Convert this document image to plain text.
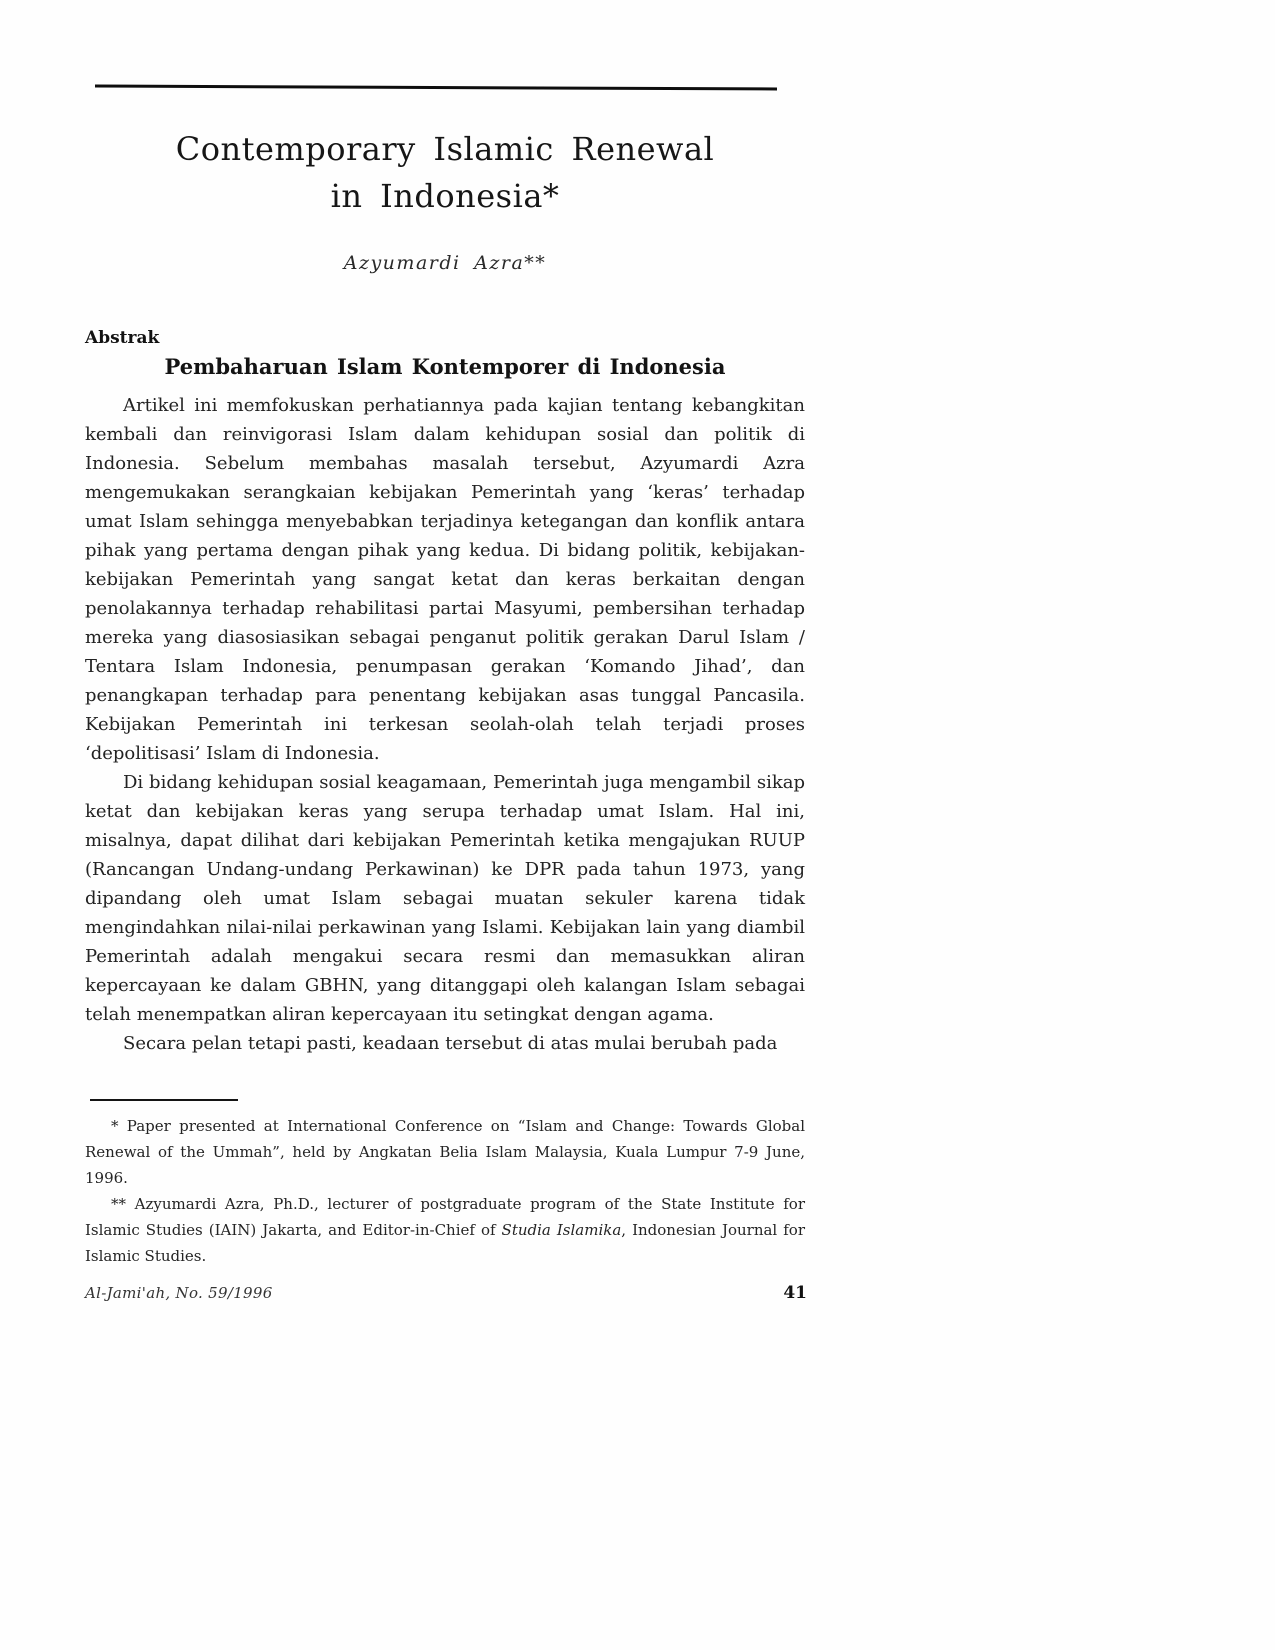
Contemporary Islamic Renewal
in Indonesia*
Azyumardi Azra**
Abstrak
Pembaharuan Islam Kontemporer di Indonesia

Artikel ini memfokuskan perhatiannya pada kajian tentang kebangkitan kembali dan reinvigorasi Islam dalam kehidupan sosial dan politik di Indonesia. Sebelum membahas masalah tersebut, Azyumardi Azra mengemukakan serangkaian kebijakan Pemerintah yang ‘keras’ terhadap umat Islam sehingga menyebabkan terjadinya ketegangan dan konflik antara pihak yang pertama dengan pihak yang kedua. Di bidang politik, kebijakan-kebijakan Pemerintah yang sangat ketat dan keras berkaitan dengan penolakannya terhadap rehabilitasi partai Masyumi, pembersihan terhadap mereka yang diasosiasikan sebagai penganut politik gerakan Darul Islam / Tentara Islam Indonesia, penumpasan gerakan ‘Komando Jihad’, dan penangkapan terhadap para penentang kebijakan asas tunggal Pancasila. Kebijakan Pemerintah ini terkesan seolah-olah telah terjadi proses ‘depolitisasi’ Islam di Indonesia.

Di bidang kehidupan sosial keagamaan, Pemerintah juga mengambil sikap ketat dan kebijakan keras yang serupa terhadap umat Islam. Hal ini, misalnya, dapat dilihat dari kebijakan Pemerintah ketika mengajukan RUUP (Rancangan Undang-undang Perkawinan) ke DPR pada tahun 1973, yang dipandang oleh umat Islam sebagai muatan sekuler karena tidak mengindahkan nilai-nilai perkawinan yang Islami. Kebijakan lain yang diambil Pemerintah adalah mengakui secara resmi dan memasukkan aliran kepercayaan ke dalam GBHN, yang ditanggapi oleh kalangan Islam sebagai telah menempatkan aliran kepercayaan itu setingkat dengan agama.

Secara pelan tetapi pasti, keadaan tersebut di atas mulai berubah pada

* Paper presented at International Conference on “Islam and Change: Towards Global Renewal of the Ummah”, held by Angkatan Belia Islam Malaysia, Kuala Lumpur 7-9 June, 1996.

** Azyumardi Azra, Ph.D., lecturer of postgraduate program of the State Institute for Islamic Studies (IAIN) Jakarta, and Editor-in-Chief of Studia Islamika, Indonesian Journal for Islamic Studies.

Al-Jami'ah, No. 59/1996	41
